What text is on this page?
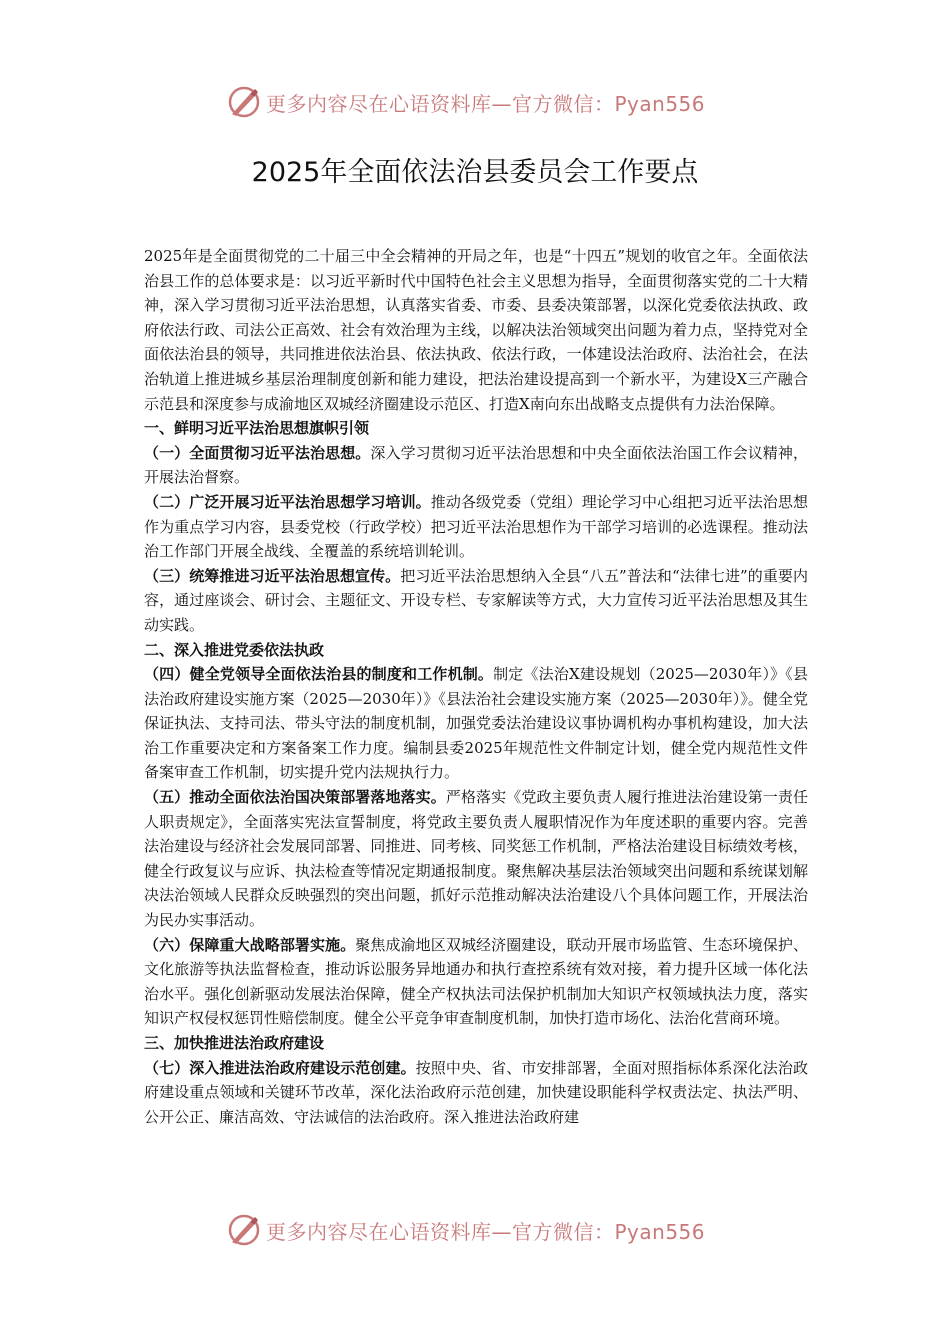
更多内容尽在心语资料库—官方微信：Pyan556
2025年全面依法治县委员会工作要点

2025年是全面贯彻党的二十届三中全会精神的开局之年，也是“十四五”规划的收官之年。全面依法治县工作的总体要求是：以习近平新时代中国特色社会主义思想为指导，全面贯彻落实党的二十大精神，深入学习贯彻习近平法治思想，认真落实省委、市委、县委决策部署，以深化党委依法执政、政府依法行政、司法公正高效、社会有效治理为主线，以解决法治领域突出问题为着力点，坚持党对全面依法治县的领导，共同推进依法治县、依法执政、依法行政，一体建设法治政府、法治社会，在法治轨道上推进城乡基层治理制度创新和能力建设，把法治建设提高到一个新水平，为建设X三产融合示范县和深度参与成渝地区双城经济圈建设示范区、打造X南向东出战略支点提供有力法治保障。

一、鲜明习近平法治思想旗帜引领

（一）全面贯彻习近平法治思想。深入学习贯彻习近平法治思想和中央全面依法治国工作会议精神，开展法治督察。

（二）广泛开展习近平法治思想学习培训。推动各级党委（党组）理论学习中心组把习近平法治思想作为重点学习内容，县委党校（行政学校）把习近平法治思想作为干部学习培训的必选课程。推动法治工作部门开展全战线、全覆盖的系统培训轮训。

（三）统筹推进习近平法治思想宣传。把习近平法治思想纳入全县“八五”普法和“法律七进”的重要内容，通过座谈会、研讨会、主题征文、开设专栏、专家解读等方式，大力宣传习近平法治思想及其生动实践。

二、深入推进党委依法执政

（四）健全党领导全面依法治县的制度和工作机制。制定《法治X建设规划（2025—2030年）》《县法治政府建设实施方案（2025—2030年）》《县法治社会建设实施方案（2025—2030年）》。健全党保证执法、支持司法、带头守法的制度机制，加强党委法治建设议事协调机构办事机构建设，加大法治工作重要决定和方案备案工作力度。编制县委2025年规范性文件制定计划，健全党内规范性文件备案审查工作机制，切实提升党内法规执行力。

（五）推动全面依法治国决策部署落地落实。严格落实《党政主要负责人履行推进法治建设第一责任人职责规定》，全面落实宪法宣誓制度，将党政主要负责人履职情况作为年度述职的重要内容。完善法治建设与经济社会发展同部署、同推进、同考核、同奖惩工作机制，严格法治建设目标绩效考核，健全行政复议与应诉、执法检查等情况定期通报制度。聚焦解决基层法治领域突出问题和系统谋划解决法治领域人民群众反映强烈的突出问题，抓好示范推动解决法治建设八个具体问题工作，开展法治为民办实事活动。

（六）保障重大战略部署实施。聚焦成渝地区双城经济圈建设，联动开展市场监管、生态环境保护、文化旅游等执法监督检查，推动诉讼服务异地通办和执行查控系统有效对接，着力提升区域一体化法治水平。强化创新驱动发展法治保障，健全产权执法司法保护机制加大知识产权领域执法力度，落实知识产权侵权惩罚性赔偿制度。健全公平竞争审查制度机制，加快打造市场化、法治化营商环境。

三、加快推进法治政府建设

（七）深入推进法治政府建设示范创建。按照中央、省、市安排部署，全面对照指标体系深化法治政府建设重点领域和关键环节改革，深化法治政府示范创建，加快建设职能科学权责法定、执法严明、公开公正、廉洁高效、守法诚信的法治政府。深入推进法治政府建

更多内容尽在心语资料库—官方微信：Pyan556
